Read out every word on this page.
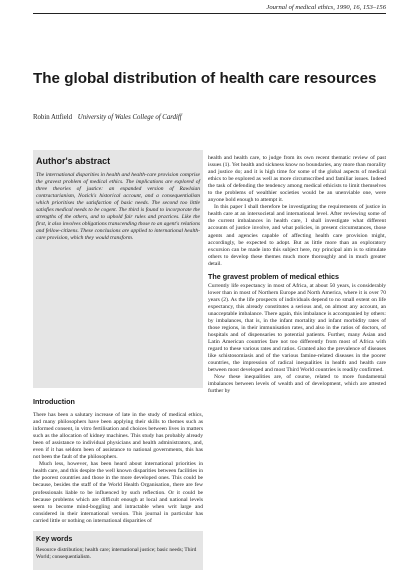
Journal of medical ethics, 1990, 16, 153–156
The global distribution of health care resources
Robin Attfield University of Wales College of Cardiff
Author's abstract

The international disparities in health and health-care provision comprise the gravest problem of medical ethics. The implications are explored of three theories of justice: an expanded version of Rawlsian contractarianism, Nozick's historical account, and a consequentialism which prioritises the satisfaction of basic needs. The second too little satisfies medical needs to be cogent. The third is found to incorporate the strengths of the others, and to uphold fair rules and practices. Like the first, it also involves obligations transcending those to an agent's relations and fellow-citizens. These conclusions are applied to international health-care provision, which they would transform.

Introduction

There has been a salutary increase of late in the study of medical ethics, and many philosophers have been applying their skills to themes such as informed consent, in vitro fertilisation and choices between lives in matters such as the allocation of kidney machines. This study has probably already been of assistance to individual physicians and health administrators, and, even if it has seldom been of assistance to national governments, this has not been the fault of the philosophers.

Much less, however, has been heard about international priorities in health care, and this despite the well known disparities between facilities in the poorest countries and those in the more developed ones. This could be because, besides the staff of the World Health Organisation, there are few professionals liable to be influenced by such reflection. Or it could be because problems which are difficult enough at local and national levels seem to become mind-boggling and intractable when writ large and considered in their international version. This journal in particular has carried little or nothing on international disparities of

Key words

Resource distribution; health care; international justice; basic needs; Third World; consequentialism.

health and health care, to judge from its own recent thematic review of past issues (1). Yet health and sickness know no boundaries, any more than morality and justice do; and it is high time for some of the global aspects of medical ethics to be explored as well as more circumscribed and familiar issues. Indeed the task of defending the tendency among medical ethicists to limit themselves to the problems of wealthier societies would be an unenviable one, were anyone bold enough to attempt it.

In this paper I shall therefore be investigating the requirements of justice in health care at an intersocietal and international level. After reviewing some of the current imbalances in health care, I shall investigate what different accounts of justice involve, and what policies, in present circumstances, those agents and agencies capable of affecting health care provision might, accordingly, be expected to adopt. But as little more than an exploratory excursion can be made into this subject here, my principal aim is to stimulate others to develop these themes much more thoroughly and in much greater detail.

The gravest problem of medical ethics

Currently life expectancy in most of Africa, at about 50 years, is considerably lower than in most of Northern Europe and North America, where it is over 70 years (2). As the life prospects of individuals depend to no small extent on life expectancy, this already constitutes a serious and, on almost any account, an unacceptable imbalance. There again, this imbalance is accompanied by others: by imbalances, that is, in the infant mortality and infant morbidity rates of those regions, in their immunisation rates, and also in the ratios of doctors, of hospitals and of dispensaries to potential patients. Further, many Asian and Latin American countries fare not too differently from most of Africa with regard to these various rates and ratios. Granted also the prevalence of diseases like schistosomiasis and of the various famine-related diseases in the poorer countries, the impression of radical inequalities in health and health care between most developed and most Third World countries is readily confirmed.

Now these inequalities are, of course, related to more fundamental imbalances between levels of wealth and of development, which are attested further by
